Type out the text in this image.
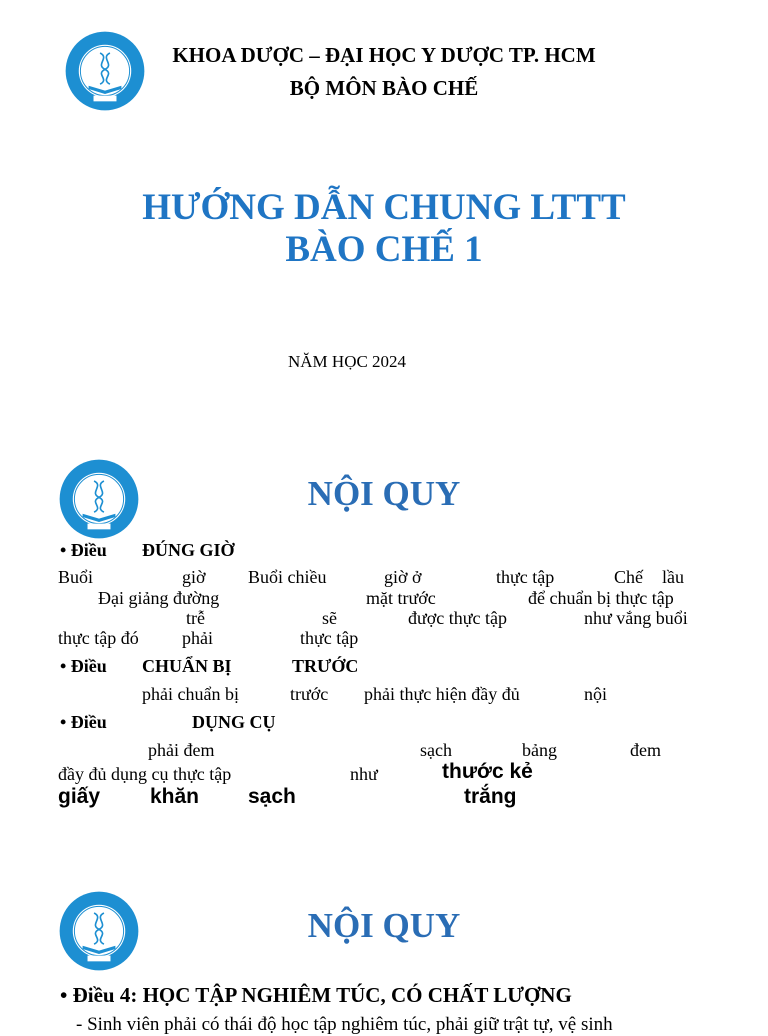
KHOA DƯỢC – ĐẠI HỌC Y DƯỢC TP. HCM
BỘ MÔN BÀO CHẾ
HƯỚNG DẪN CHUNG LTTT
BÀO CHẾ 1
NĂM HỌC 2024
NỘI QUY
• Điều ĐÚNG GIỜ
Buổi	giờ Buổi chiều	giờ ở	thực tập	Chế lầu
Đại giảng đường	mặt trước	để chuẩn bị thực tập
trễ	sẽ	được thực tập	như vắng buổi
thực tập đó phải	thực tập
• Điều CHUẨN BỊ	TRƯỚC
phải chuẩn bị	trước phải thực hiện đầy đủ	nội
• Điều	DỤNG CỤ
phải đem	sạch	bảng	đem
đầy đủ dụng cụ thực tập	như	thước kẻ
giấy khăn sạch	trắng
NỘI QUY
• Điều 4: HỌC TẬP NGHIÊM TÚC, CÓ CHẤT LƯỢNG
- Sinh viên phải có thái độ học tập nghiêm túc, phải giữ trật tự, vệ sinh
